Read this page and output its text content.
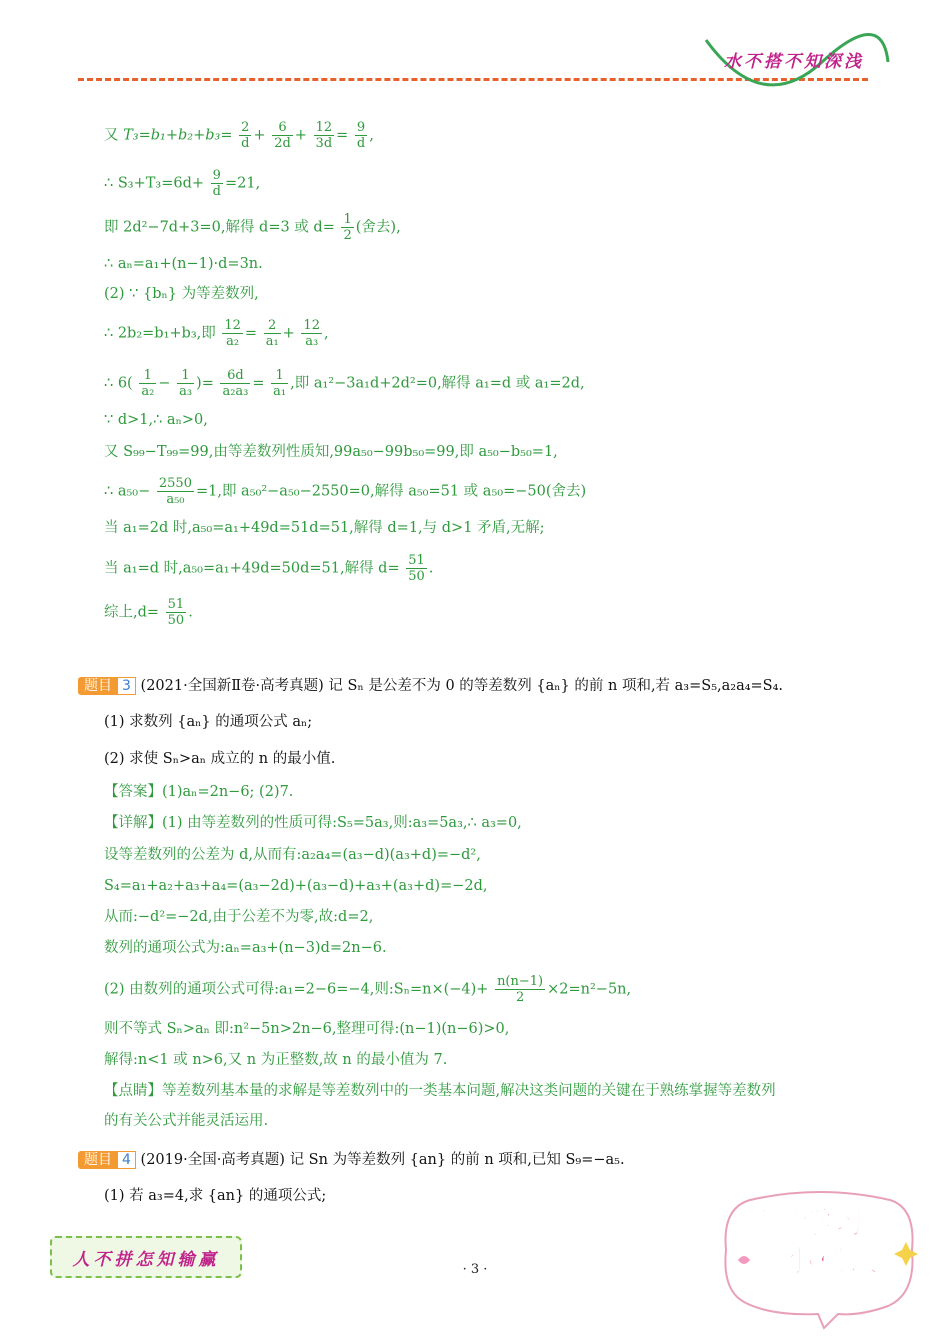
水不搭不知深浅
又 $T_3=b_1+b_2+b_3= \frac{2}{d} + \frac{6}{2d} + \frac{12}{3d} = \frac{9}{d}$ ,
∴ $S_3+T_3=6d+ \frac{9}{d} =21$,
即 2d²−7d+3=0,解得 d=3 或 $d= \frac{1}{2}$ (舍去),
∴ aₙ=a₁+(n−1)·d=3n.
(2) ∵ {bₙ} 为等差数列,
∴ 2b₂=b₁+b₃,即 $\frac{12}{\text{a₂}} = \frac{2}{\text{a₁}} + \frac{12}{\text{a₃}}$ ,
∴ $6( \frac{1}{\text{a₂}} - \frac{1}{\text{a₃}}$ )= $\frac{6d}{\text{a₂a₃}} = \frac{1}{\text{a₁}}$ ,即 a₁²−3a₁d+2d²=0,解得 a₁=d 或 a₁=2d,
∵ d>1,∴ aₙ>0,
又 S₉₉−T₉₉=99,由等差数列性质知,99a₅₀−99b₅₀=99,即 a₅₀−b₅₀=1,
∴ $a_{50}- \frac{2550}{\text{a₅₀}} =1$,即 a₅₀²−a₅₀−2550=0,解得 a₅₀=51 或 a₅₀=−50(舍去)
当 a₁=2d 时,a₅₀=a₁+49d=51d=51,解得 d=1,与 d>1 矛盾,无解;
当 a₁=d 时,a₅₀=a₁+49d=50d=51,解得 $d= \frac{51}{50}$ .
综上$,d= \frac{51}{50}$ .
题目 3 (2021·全国新Ⅱ卷·高考真题) 记 Sₙ 是公差不为 0 的等差数列 {aₙ} 的前 n 项和,若 a₃=S₅,a₂a₄=S₄.
(1) 求数列 {aₙ} 的通项公式 aₙ;
(2) 求使 Sₙ>aₙ 成立的 n 的最小值.
【答案】(1)aₙ=2n−6; (2)7.
【详解】(1) 由等差数列的性质可得:S₅=5a₃,则:a₃=5a₃,∴ a₃=0,
设等差数列的公差为 d,从而有:a₂a₄=(a₃−d)(a₃+d)=−d²,
S₄=a₁+a₂+a₃+a₄=(a₃−2d)+(a₃−d)+a₃+(a₃+d)=−2d,
从而:−d²=−2d,由于公差不为零,故:d=2,
数列的通项公式为:aₙ=a₃+(n−3)d=2n−6.
(2) 由数列的通项公式可得:a₁=2−6=−4,则:Sₙ=n×(−4)+ $\frac{n(n-1)}{2} \times 2=n^2-5n$,
则不等式 Sₙ>aₙ 即:n²−5n>2n−6,整理可得:(n−1)(n−6)>0,
解得:n<1 或 n>6,又 n 为正整数,故 n 的最小值为 7.
【点睛】等差数列基本量的求解是等差数列中的一类基本问题,解决这类问题的关键在于熟练掌握等差数列
的有关公式并能灵活运用.
题目 4 (2019·全国·高考真题) 记 Sn 为等差数列 {an} 的前 n 项和,已知 S₉=−a₅.
(1) 若 a₃=4,求 {an} 的通项公式;
人不拼怎知输赢	· 3 ·
高中学习
小秘诀
